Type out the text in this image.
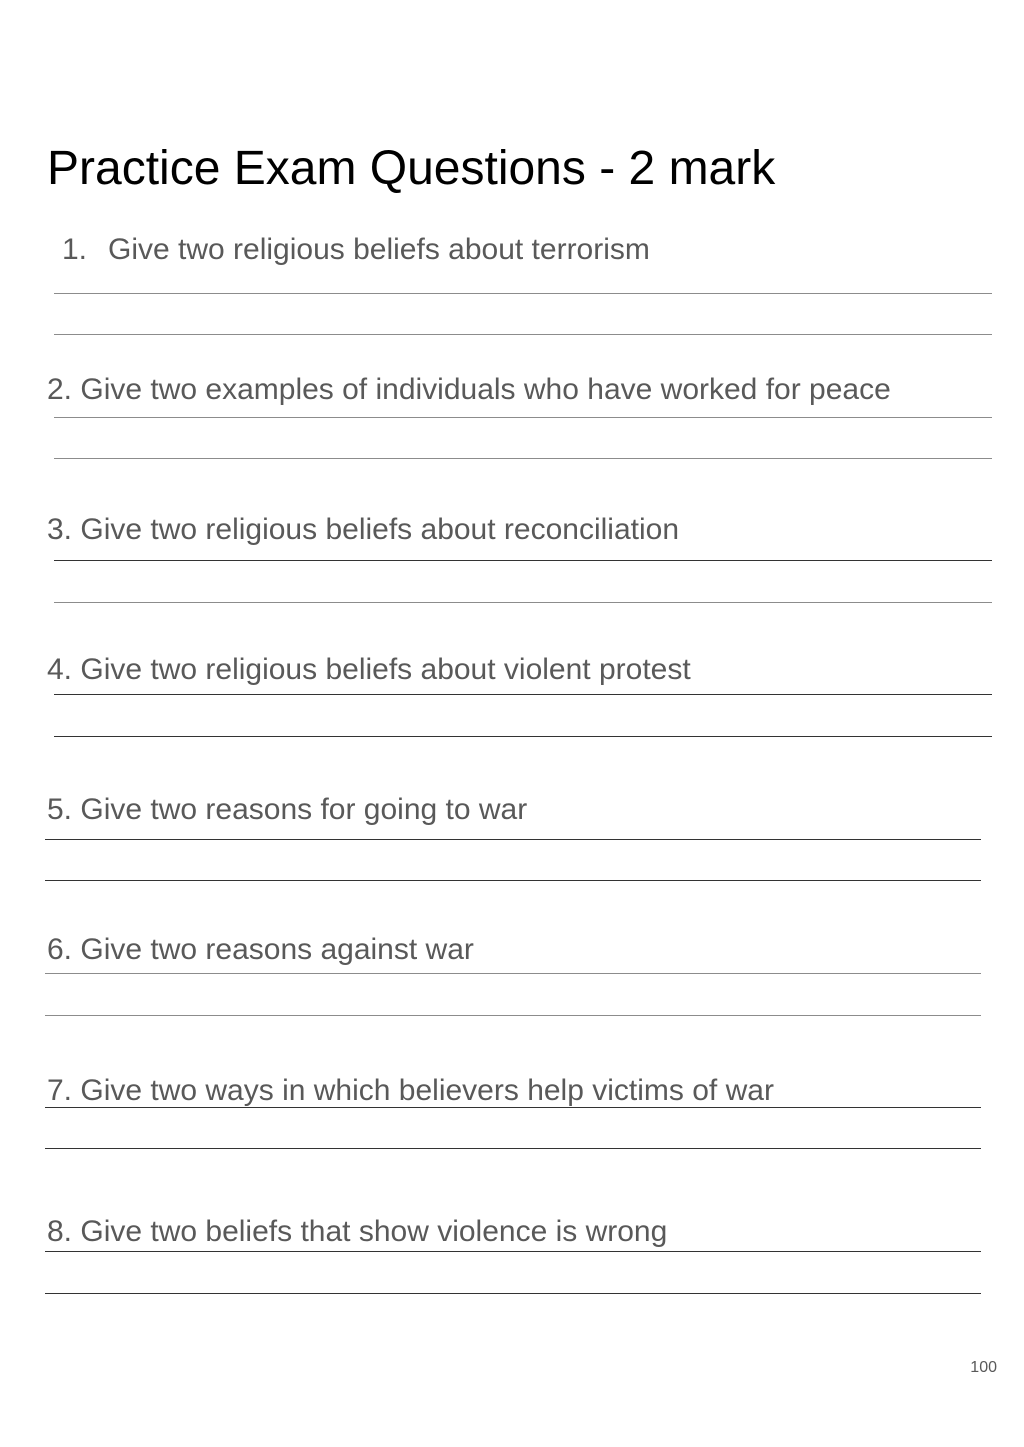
Practice Exam Questions - 2 mark
1. Give two religious beliefs about terrorism
2. Give two examples of individuals who have worked for peace
3. Give two religious beliefs about reconciliation
4. Give two religious beliefs about violent protest
5. Give two reasons for going to war
6. Give two reasons against war
7. Give two ways in which believers help victims of war
8. Give two beliefs that show violence is wrong
100
